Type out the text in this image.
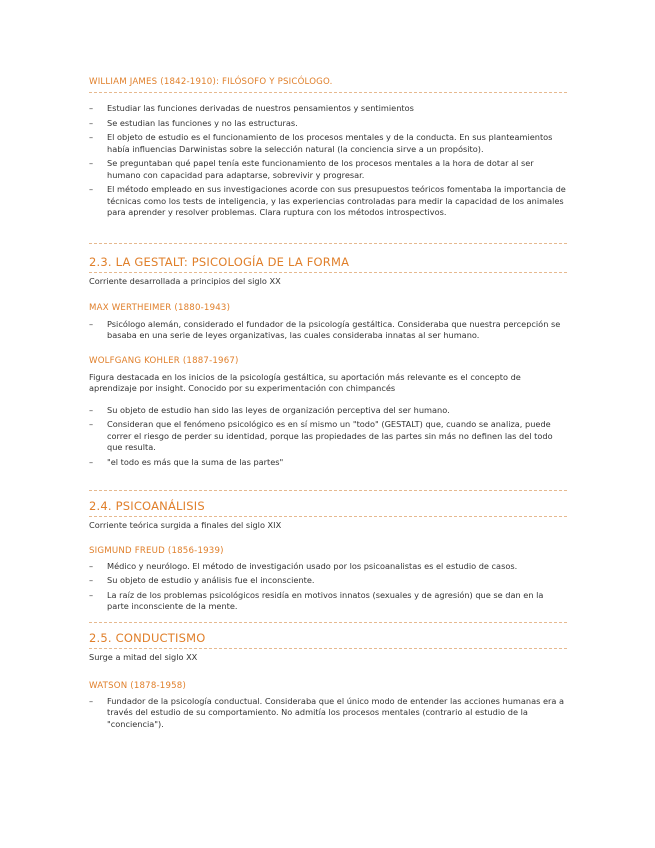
WILLIAM JAMES (1842-1910): FILÓSOFO Y PSICÓLOGO.
– Estudiar las funciones derivadas de nuestros pensamientos y sentimientos
– Se estudian las funciones y no las estructuras.
– El objeto de estudio es el funcionamiento de los procesos mentales y de la conducta. En sus planteamientos había influencias Darwinistas sobre la selección natural (la conciencia sirve a un propósito).
– Se preguntaban qué papel tenía este funcionamiento de los procesos mentales a la hora de dotar al ser humano con capacidad para adaptarse, sobrevivir y progresar.
– El método empleado en sus investigaciones acorde con sus presupuestos teóricos fomentaba la importancia de técnicas como los tests de inteligencia, y las experiencias controladas para medir la capacidad de los animales para aprender y resolver problemas. Clara ruptura con los métodos introspectivos.
2.3. LA GESTALT: PSICOLOGÍA DE LA FORMA
Corriente desarrollada a principios del siglo XX
MAX WERTHEIMER (1880-1943)
– Psicólogo alemán, considerado el fundador de la psicología gestáltica. Consideraba que nuestra percepción se basaba en una serie de leyes organizativas, las cuales consideraba innatas al ser humano.
WOLFGANG KOHLER (1887-1967)
Figura destacada en los inicios de la psicología gestáltica, su aportación más relevante es el concepto de aprendizaje por insight. Conocido por su experimentación con chimpancés
– Su objeto de estudio han sido las leyes de organización perceptiva del ser humano.
– Consideran que el fenómeno psicológico es en sí mismo un "todo" (GESTALT) que, cuando se analiza, puede correr el riesgo de perder su identidad, porque las propiedades de las partes sin más no definen las del todo que resulta.
– "el todo es más que la suma de las partes"
2.4. PSICOANÁLISIS
Corriente teórica surgida a finales del siglo XIX
SIGMUND FREUD (1856-1939)
– Médico y neurólogo. El método de investigación usado por los psicoanalistas es el estudio de casos.
– Su objeto de estudio y análisis fue el inconsciente.
– La raíz de los problemas psicológicos residía en motivos innatos (sexuales y de agresión) que se dan en la parte inconsciente de la mente.
2.5. CONDUCTISMO
Surge a mitad del siglo XX
WATSON (1878-1958)
– Fundador de la psicología conductual. Consideraba que el único modo de entender las acciones humanas era a través del estudio de su comportamiento. No admitía los procesos mentales (contrario al estudio de la "conciencia").
